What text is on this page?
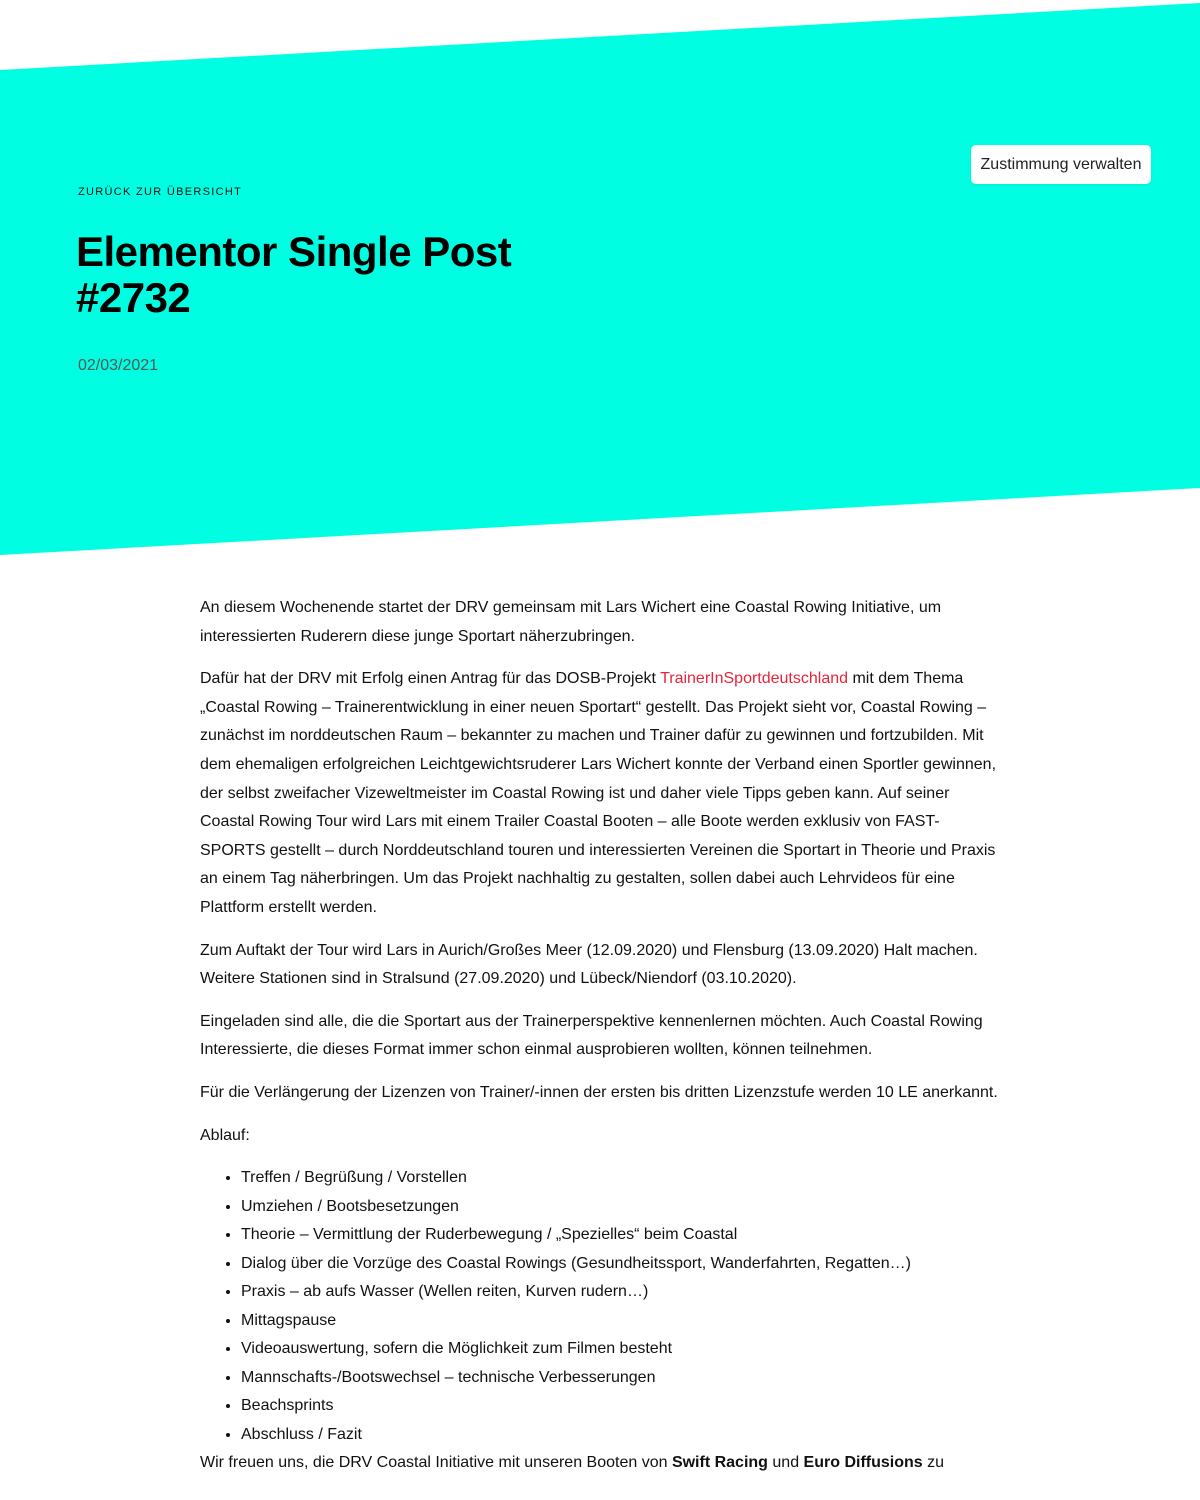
Zustimmung verwalten
ZURÜCK ZUR ÜBERSICHT
Elementor Single Post
#2732
02/03/2021

An diesem Wochenende startet der DRV gemeinsam mit Lars Wichert eine Coastal Rowing Initiative, um interessierten Ruderern diese junge Sportart näherzubringen.

Dafür hat der DRV mit Erfolg einen Antrag für das DOSB-Projekt TrainerInSportdeutschland mit dem Thema „Coastal Rowing – Trainerentwicklung in einer neuen Sportart“ gestellt. Das Projekt sieht vor, Coastal Rowing – zunächst im norddeutschen Raum – bekannter zu machen und Trainer dafür zu gewinnen und fortzubilden. Mit dem ehemaligen erfolgreichen Leichtgewichtsruderer Lars Wichert konnte der Verband einen Sportler gewinnen, der selbst zweifacher Vizeweltmeister im Coastal Rowing ist und daher viele Tipps geben kann. Auf seiner Coastal Rowing Tour wird Lars mit einem Trailer Coastal Booten – alle Boote werden exklusiv von FAST-SPORTS gestellt – durch Norddeutschland touren und interessierten Vereinen die Sportart in Theorie und Praxis an einem Tag näherbringen. Um das Projekt nachhaltig zu gestalten, sollen dabei auch Lehrvideos für eine Plattform erstellt werden.

Zum Auftakt der Tour wird Lars in Aurich/Großes Meer (12.09.2020) und Flensburg (13.09.2020) Halt machen. Weitere Stationen sind in Stralsund (27.09.2020) und Lübeck/Niendorf (03.10.2020).

Eingeladen sind alle, die die Sportart aus der Trainerperspektive kennenlernen möchten. Auch Coastal Rowing Interessierte, die dieses Format immer schon einmal ausprobieren wollten, können teilnehmen.

Für die Verlängerung der Lizenzen von Trainer/-innen der ersten bis dritten Lizenzstufe werden 10 LE anerkannt.

Ablauf:

• Treffen / Begrüßung / Vorstellen
• Umziehen / Bootsbesetzungen
• Theorie – Vermittlung der Ruderbewegung / „Spezielles“ beim Coastal
• Dialog über die Vorzüge des Coastal Rowings (Gesundheitssport, Wanderfahrten, Regatten…)
• Praxis – ab aufs Wasser (Wellen reiten, Kurven rudern…)
• Mittagspause
• Videoauswertung, sofern die Möglichkeit zum Filmen besteht
• Mannschafts-/Bootswechsel – technische Verbesserungen
• Beachsprints
• Abschluss / Fazit

Wir freuen uns, die DRV Coastal Initiative mit unseren Booten von Swift Racing und Euro Diffusions zu
